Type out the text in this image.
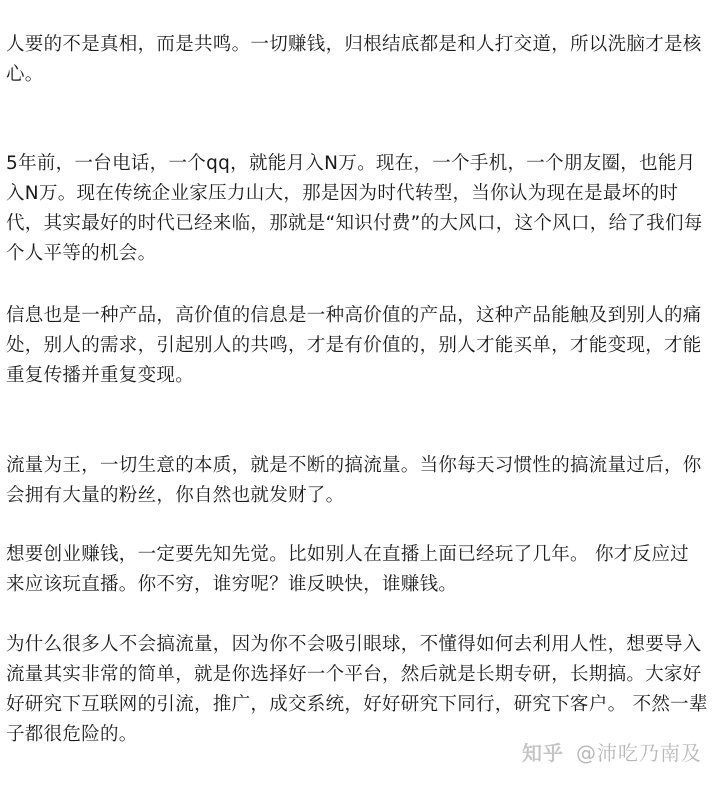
人要的不是真相，而是共鸣。一切赚钱，归根结底都是和人打交道，所以洗脑才是核心。

5年前，一台电话，一个qq，就能月入N万。现在，一个手机，一个朋友圈，也能月入N万。现在传统企业家压力山大，那是因为时代转型，当你认为现在是最坏的时代，其实最好的时代已经来临，那就是“知识付费”的大风口，这个风口，给了我们每个人平等的机会。

信息也是一种产品，高价值的信息是一种高价值的产品，这种产品能触及到别人的痛处，别人的需求，引起别人的共鸣，才是有价值的，别人才能买单，才能变现，才能重复传播并重复变现。

流量为王，一切生意的本质，就是不断的搞流量。当你每天习惯性的搞流量过后，你会拥有大量的粉丝，你自然也就发财了。

想要创业赚钱，一定要先知先觉。比如别人在直播上面已经玩了几年。 你才反应过 来应该玩直播。你不穷，谁穷呢？谁反映快，谁赚钱。

为什么很多人不会搞流量，因为你不会吸引眼球，不懂得如何去利用人性，想要导入流量其实非常的简单，就是你选择好一个平台，然后就是长期专研，长期搞。大家好好研究下互联网的引流，推广，成交系统，好好研究下同行，研究下客户。 不然一辈子都很危险的。

知乎 @沛吃乃南及
